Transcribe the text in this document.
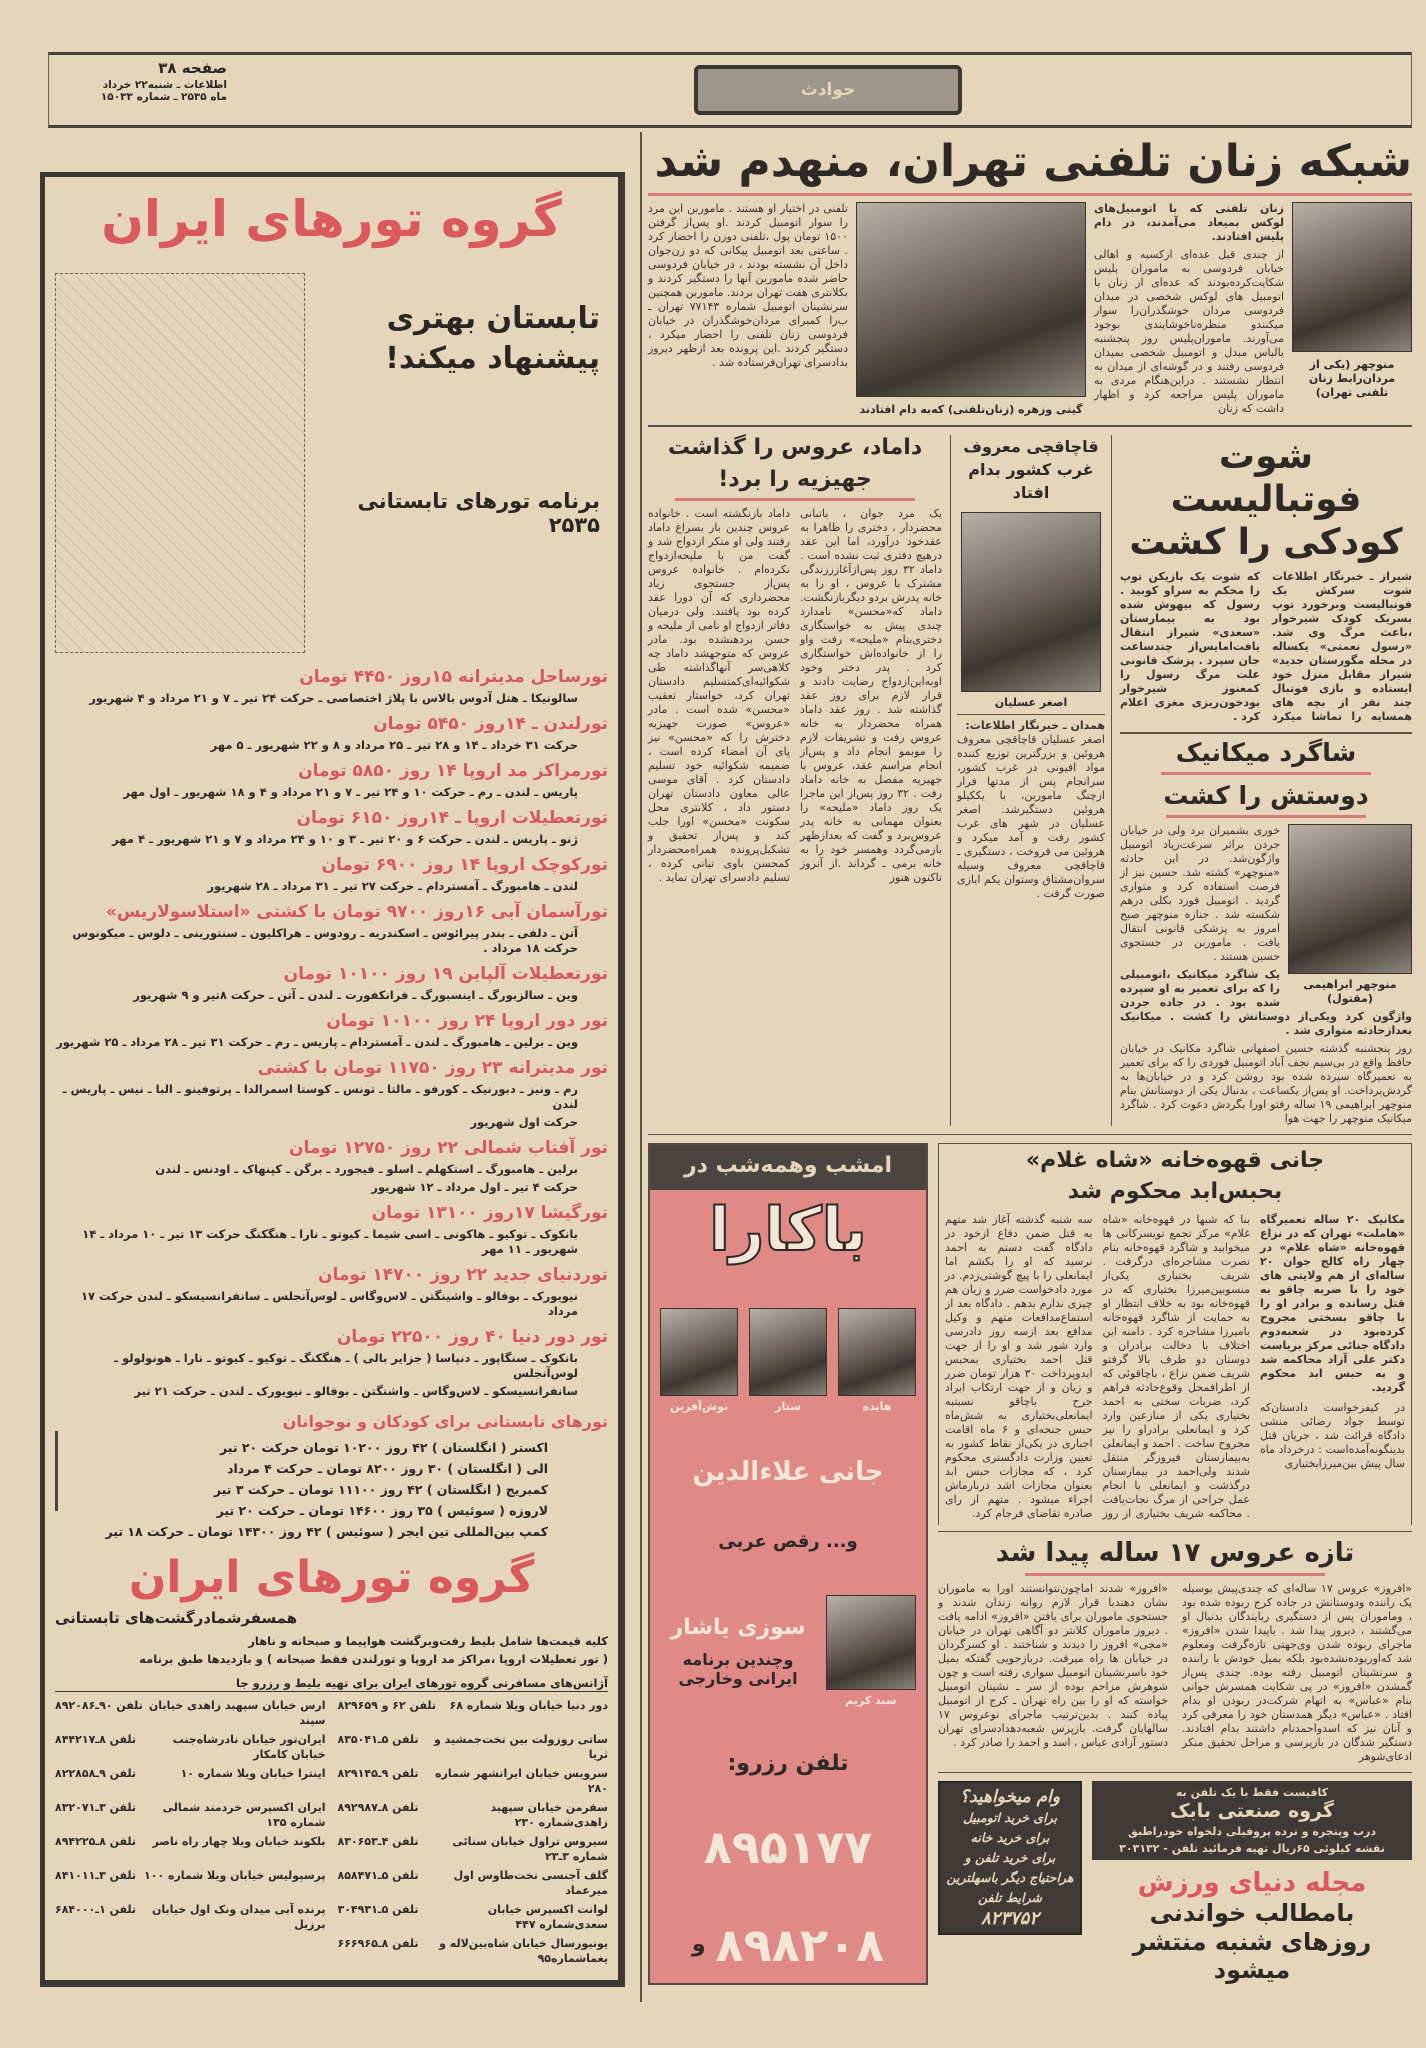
صفحه ۳۸
اطلاعات ـ شنبه۲۲ خرداد
ماه ۲۵۳۵ ـ شماره ۱۵۰۳۳	حوادث
گروه تورهای ایران
تابستان بهتری پیشنهاد میکند!
برنامه تورهای تابستانی ۲۵۳۵
تورساحل مدیترانه ۱۵روز ۴۴۵۰ تومان
سالونیکا ـ هتل آدوس بالاس با پلاژ اختصاصی ـ حرکت ۲۴ تیر ـ ۷ و ۲۱ مرداد و ۴ شهریور
تورلندن ـ ۱۴روز ۵۴۵۰ تومان
حرکت ۳۱ خرداد ـ ۱۴ و ۲۸ تیر ـ ۲۵ مرداد و ۸ و ۲۲ شهریور ـ ۵ مهر
تورمراکز مد اروپا ۱۴ روز ۵۸۵۰ تومان
پاریس ـ لندن ـ رم ـ حرکت ۱۰ و ۲۴ تیر ـ ۷ و ۲۱ مرداد و ۴ و ۱۸ شهریور ـ اول مهر
تورتعطیلات اروپا ـ ۱۴روز ۶۱۵۰ تومان
ژنو ـ پاریس ـ لندن ـ حرکت ۶ و ۲۰ تیر ـ ۳ و ۱۰ و ۲۴ مرداد و ۷ و ۲۱ شهریور ـ ۴ مهر
تورکوچک اروپا ۱۴ روز ۶۹۰۰ تومان
لندن ـ هامبورگ ـ آمستردام ـ حرکت ۲۷ تیر ـ ۳۱ مرداد ـ ۲۸ شهریور
تورآسمان آبی ۱۶روز ۹۷۰۰ تومان با کشتی «استلاسولاریس»
آتن ـ دلفی ـ بندر پیرائوس ـ اسکندریه ـ رودوس ـ هراکلیون ـ سنتورینی ـ دلوس ـ میکونوس حرکت ۱۸ مرداد .
تورتعطیلات آلپاین ۱۹ روز ۱۰۱۰۰ تومان
وین ـ سالزبورگ ـ اینسبورگ ـ فرانکفورت ـ لندن ـ آتن ـ حرکت ۸تیر و ۹ شهریور
تور دور اروپا ۲۴ روز ۱۰۱۰۰ تومان
وین ـ برلین ـ هامبورگ ـ لندن ـ آمستردام ـ پاریس ـ رم ـ حرکت ۳۱ تیر ـ ۲۸ مرداد ـ ۲۵ شهریور
تور مدیترانه ۲۳ روز ۱۱۷۵۰ تومان با کشتی
رم ـ ونیز ـ دبورنیک ـ کورفو ـ مالتا ـ تونس ـ کوستا اسمرالدا ـ پرتوفینو ـ البا ـ نیس ـ پاریس ـ لندن
حرکت اول شهریور
تور آفتاب شمالی ۲۲ روز ۱۲۷۵۰ تومان
برلین ـ هامبورگ ـ استکهلم ـ اسلو ـ فیجورد ـ برگن ـ کپنهاک ـ اودنس ـ لندن
حرکت ۴ تیر ـ اول مرداد ـ ۱۲ شهریور
تورگیشا ۱۷روز ۱۳۱۰۰ تومان
بانکوک ـ توکیو ـ هاکونی ـ اسی شیما ـ کیوتو ـ نارا ـ هنگکنگ حرکت ۱۳ تیر ـ ۱۰ مرداد ـ ۱۴ شهریور ـ ۱۱ مهر
توردنیای جدید ۲۲ روز ۱۴۷۰۰ تومان
نیویورک ـ بوفالو ـ واشینگتن ـ لاس‌وگاس ـ لوس‌آنجلس ـ سانفرانسیسکو ـ لندن حرکت ۱۷ مرداد
تور دور دنیا ۴۰ روز ۲۲۵۰۰ تومان
بانکوک ـ سنگاپور ـ دنپاسا ( جزایر بالی ) ـ هنگکنگ ـ توکیو ـ کیوتو ـ نارا ـ هونولولو ـ لوس‌آنجلس
سانفرانسیسکو ـ لاس‌وگاس ـ واشنگتن ـ بوفالو ـ نیویورک ـ لندن ـ حرکت ۲۱ تیر
تورهای تابستانی برای کودکان و نوجوانان
اکستر ( انگلستان ) ۴۲ روز ۱۰۲۰۰ تومان حرکت ۲۰ تیر
الی ( انگلستان ) ۳۰ روز ۸۲۰۰ تومان ـ حرکت ۴ مرداد
کمبریج ( انگلستان ) ۴۲ روز ۱۱۱۰۰ تومان ـ حرکت ۳ تیر
لاروزه ( سوئیس ) ۳۵ روز ۱۴۶۰۰ تومان ـ حرکت ۲۰ تیر
کمپ بین‌المللی تین ایجر ( سوئیس ) ۴۲ روز ۱۴۳۰۰ تومان ـ حرکت ۱۸ تیر
گروه تورهای ایران
همسفرشمادرگشت‌های تابستانی
کلیه قیمت‌ها شامل بلیط رفت‌وبرگشت هواپیما و صبحانه و ناهار
( تور تعطیلات اروپا ،مراکز مد اروپا و تورلندن فقط صبحانه ) و بازدیدها طبق برنامه
آژانس‌های مسافرتی گروه تورهای ایران برای تهیه بلیط و رزرو جا
دور دنیا خیابان ویلا شماره ۶۸
تلفن ۶۲ و ۸۲۹۶۵۹
ارس خیابان سپهبد زاهدی خیابان سپند
تلفن ۹۰ـ۸۹۲۰۸۶
ساتی روزولت بین تخت‌جمشید و ثریا
تلفن ۵ـ۸۳۵۰۴۱
ایران‌تور خیابان نادرشاه‌جنب خیابان کامکار
تلفن ۸ـ۸۴۴۲۱۷
سرویس خیابان ایرانشهر شماره ۲۸۰
تلفن ۹ـ۸۲۹۱۴۵
اینترا خیابان ویلا شماره ۱۰
تلفن ۹ـ۸۲۲۸۵۸
سفرمن خیابان سپهبد زاهدی‌شماره ۲۳۰
تلفن ۸ـ۸۹۲۹۸۷
ایران اکسپرس خردمند شمالی شماره ۱۳۵
تلفن ۳ـ۸۳۲۰۷۱
سیروس تراول خیابان سنائی شماره ۳ـ۲۳
تلفن ۴ـ۸۳۰۶۵۳
بلکوند خیابان ویلا چهار راه ناصر
تلفن ۸ـ۸۹۴۲۲۵
گلف آجنسی تخت‌طاوس اول میرعماد
تلفن ۵ـ۸۵۸۴۷۱
پرسپولیس خیابان ویلا شماره ۱۰۰
تلفن ۳ـ۸۴۱۰۱۱
لوانت اکسپرس خیابان سعدی‌شماره ۴۴۷
تلفن ۵ـ۳۰۴۹۳۱
پرنده آبی میدان ونک اول خیابان برزیل
تلفن ۱ـ۶۸۴۰۰۰
یونیورسال خیابان شاه‌بین‌لاله و یغماشماره۹۵
تلفن ۸ـ۶۶۶۹۶۵
شبکه زنان تلفنی تهران، منهدم شد
منوچهر (یکی از مردان‌رابط زنان تلفنی تهران)
زنان تلفنی که با اتومبیل‌های لوکس بمیعاد می‌آمدند، در دام پلیس افتادند.
از چندی قبل عده‌ای ازکسبه و اهالی خیابان فردوسی به ماموران پلیس شکایت‌کرده‌بودند که عده‌ای از زنان با اتومبیل های لوکس شخصی در میدان فردوسی مردان خوشگذران‌را سوار میکنندو منظره‌ناخوشایندی بوجود می‌آورند. ماموران‌پلیس روز پنجشنبه بالباس مبدل و اتومبیل شخصی بمیدان فردوسی رفتند و در گوشه‌ای از میدان به انتظار نشستند . دراین‌هنگام مردی به ماموران پلیس مراجعه کرد و اظهار داشت که زنان
گیتی وزهره (زنان‌تلفنی) که‌به دام افتادند
تلفنی در اختیار او هستند . ماموربن این مرد را سوار اتومبیل کردند .او پس‌از گرفتن ۱۵۰۰ تومان پول ،تلفنی دوزن را احضار کرد . ساعتی بعد اتومبیل پیکانی که دو زن‌جوان داخل آن نشسته بودند ، در خیابان فردوسی حاضر شده ماموربن آنها را دستگیر کردند و بکلانتری هفت تهران بردند. ماموربن همچنین سرنشینان اتومبیل شماره ۷۷۱۴۳ تهران ـ ب‌را کمبرای مردان‌خوشگذران در خیابان فردوسی زنان تلفنی را احضار میکرد ، دستگیر کردند .این پرونده بعد ازظهر دیروز بدادسرای تهران‌فرستاده شد .
شوت فوتبالیست
کودکی را کشت
شیراز ـ خبرنگار اطلاعات شوت سرکش یک فوتبالیست وبرخورد توپ بسریک کودک شیرخوار ،باعث مرگ وی شد. «رسول نعمتی» یکساله در محله مگورستان جدید» شیراز مقابل منزل خود ایستاده و بازی فوتبال چند نفر از بچه های همسایه را تماشا میکرد که شوت یک بازیکن توپ را محکم به سراو کوبید . رسول که بیهوش شده بود به بیمارستان «سعدی» شیراز انتقال یافت‌امایس‌از چندساعت جان سپرد . پزشک قانونی علت مرگ رسول را کمعنوز شیرخوار بودخون‌ریزی مغزی اعلام کرد .
شاگرد میکانیک
دوستش را کشت
منوچهر ابراهیمی (مقتول)
خوری بشمیران برد ولی در خیابان جردن براثر سرعت‌زیاد اتومبیل واژگون‌شد. در این حادثه «منوچهر» کشته شد. حسین نیز از فرصت استفاده کرد و متواری گردید . اتومبیل فورد بکلی درهم شکسته شد . جنازه منوچهر صبح امروز به پزشکی قانونی انتقال یافت . ماموربن در جستجوی حسین هستند .
یک شاگرد میکانیک ،اتومبیلی را که برای تعمیر به او سپرده شده بود . در جاده جردن واژگون کرد ویکی‌از دوستانش را کشت . میکانیک بعدازحادثه متواری شد .
روز پنجشنبه گذشته حسین اصفهانی شاگرد مکانیک در خیابان حافظ واقع در بی‌سیم نجف آباد اتومبیل فوردی را که برای تعمیر به تعمیرگاه سپرده شده بود روشن کرد و در خیابان‌ها به گردش‌پرداخت. او پس‌از یکساعت ، بدنبال یکی از دوستانش بنام منوچهر ابراهیمی ۱۹ ساله رفتو اورا بگردش دعوت کرد . شاگرد میکانیک منوچهر را جهت هوا
قاچاقچی معروف غرب کشور بدام افتاد
اصغر عسلیان
همدان ـ خبرنگار اطلاعات:
اصغر عسلیان قاچاقچی معروف هروئین و بزرگترین توزیع کننده مواد افیونی در غرب کشور، سرانجام پس از مدتها فرار ازچنگ ماموربن، با یککیلو هروئین دستگیرشد. اصغر عسلیان در شهر های غرب کشور رفت و آمد میکرد و هروئین می فروخت ، دستگیری ـ قاچاقچی معروف وسیله سروان‌مشتاق وستوان یکم ایازی صورت گرفت .
داماد، عروس را گذاشت
جهیزیه را برد!
یک مرد جوان ، باتبانی محضردار ، دختری را ظاهرا به عقدخود درآورد، اما این عقد درهیچ دفتری ثبت نشده است . داماد ۳۲ روز پس‌ازآغازززندگی مشترک با عروس ، او را به خانه پدرش بردو دیگربازنگشت. داماد که«محسن» نامدارد چندی پیش به خواستگاری دختری‌بنام «ملیحه» رفت واو را از خانواده‌اش خواستگاری کرد . پدر دختر وخود اوبه‌این‌ازدواج رضایت دادند و قرار لازم برای روز عقد گذاشته شد . روز عقد داماد همراه محضردار به خانه عروس رفت و تشریفات لازم را موبمو انجام داد و پس‌از انجام مراسم عقد، عروس با جهیزیه مفصل به خانه داماد رفت . ۳۲ روز پس‌از این ماجرا یک روز داماد «ملیحه» را بعنوان مهمانی به خانه پدر عروس‌برد و گفت که بعدازظهر بازمی‌گردد وهمسر خود را به خانه برمی ـ گرداند .از آنروز تاکنون هنوز
داماد بازنگشته است . خانواده عروس چندین بار بسراغ داماد رفتند ولی او منکر ازدواج شد و گفت من با ملیحه‌ازدواج نکرده‌ام . خانواده عروس پس‌از جستجوی زیاد محضرداری که آن دورا عقد کرده بود یافتند. ولی درمیان دفاتر ازدواج او نامی از ملیحه و حسن بردهنشده بود. مادر عروس که متوجهشد داماد چه کلاهی‌سر آنهاگذاشته طی شکوائیه‌ای‌کمتسلیم دادستان تهران کرد، خواستار تعقیب «محسن» شده است . مادر «عروس» صورت جهیزیه دخترش را که «محسن» نیز پای آن امضاء کرده است ، ضمیمه شکوائیه خود تسلیم دادستان کرد . آقای موسی عالی معاون دادستان تهران دستور داد ، کلانتری محل سکونت «محسن» اورا جلب کند و پس‌از تحقیق و تشکیل‌پرونده همراه‌محضردار کمحسن باوی تبانی کرده ، تسلیم دادسرای تهران نماید .
جانی قهوه‌خانه «شاه غلام»
بحبس‌ابد محکوم شد
مکانیک ۲۰ ساله تعمیرگاه «هاملت» تهران که در نزاع قهوه‌خانه «شاه غلام» در چهار راه کالج جوان ۲۰ ساله‌ای از هم ولایتی های خود را با ضربه چاقو به قتل رسانده و برادر او را با چاقو بسختی مجروح کرده‌بود در شعبه‌دوم دادگاه جنائی مرکز بریاست دکتر علی آزاد محاکمه شد و به حبس ابد محکوم گردید.
در کیفرخواست دادستان‌که توسط جواد رضائی منشی دادگاه قرائت شد ، جریان قتل بدینگونه‌آمده‌است : درخرداد ماه سال پیش بین‌میرزابختیاری
بنا که شبها در قهوه‌خانه «شاه غلام» مرکز تجمع تویسرکانی ها میخوابید و شاگرد قهوه‌خانه بنام نصرت مشاجره‌ای درگرفت . شریف بختیاری یکی‌از منسوبین‌میرزا بختیاری که در قهوه‌خانه بود به خلاف انتظار او به حمایت از شاگرد قهوه‌خانه بامیرزا مشاجره کرد . دامنه این اختلاف با دخالت برادران و دوستان دو طرف بالا گرفتو شریف ضمن نزاع ، باچاقوئی که از اطرافمحل وقوع‌حادثه فراهم کرد، ضربات سختی به احمد بختیاری یکی از منازعین وارد کرد و ایمانعلی برادراو را نیز مجروح ساخت . احمد و ایمانعلی به‌بیمارستان فیروزگر منتقل شدند ولی‌احمد در بیمارستان درگذشت و ایمانعلی با انجام عمل جراحی از مرگ نجات‌یافت . محاکمه شریف بختیاری از روز سه شنبه گذشته آغاز شد متهم به قتل ضمن دفاع ازخود در دادگاه گفت دستم به احمد نرسید که او را بکشم اما ایمانعلی را با پیچ گوشتی‌زدم. در مورد دادخواست ضرر و زیان هم چیزی ندارم بدهم . دادگاه بعد از استماع‌مدافعات متهم و وکیل مدافع بعد ازسه روز دادرسی وارد شور شد و او را از جهت قتل احمد بختیاری بمحبس ابدوپرداخت ۳۰ هزار تومان ضرر و زیان و از جهت ارتکاب ایراد جرح باچاقو نسبتبه ایمانعلی‌بختیاری به شش‌ماه حبس جنحه‌ای و ۶ ماه اقامت اجباری در یکی‌از نقاط کشور به تعیین وزارت دادگستری محکوم کرد ، که مجازات حبس ابد بعنوان مجازات اشد دربارماش اجراء میشود . متهم از رای صادره تقاضای فرجام کرد.
تازه عروس ۱۷ ساله پیدا شد
«افروز» عروس ۱۷ ساله‌ای که چندی‌پیش بوسیله یک راننده ودوستانش در جاده کرج ربوده شده بود ، وماموران پس از دستگیری ربایندگان بدنبال او می‌گشتند ، دیروز پیدا شد . باپیدا شدن «افروز» ماجرای ربوده شدن وی‌جهتی تازه‌گرفت ومعلوم شد که‌اوربوده‌نشده‌بود بلکه بمیل خودش با راننده و سرنشینان اتومبیل رفته بوده. چندی پس‌از گمشدن «افروز» در پی شکایت همسرش جوانی بنام «عباس» به اتهام شرکت‌در ربودن او بدام افتاد . «عباس» دیگر همدستان خود را معرفی کرد و آنان نیز که اسدواحمدنام داشتند بدام افتادند. دستگیر شدگان در بازپرسی و مراحل تحقیق منکر ادعای‌شوهر
«افروز» شدند اماچون‌نتوانستند اورا به ماموران نشان دهندبا قرار لازم روانه زندان شدند و جستجوی ماموران برای یافتن «افروز» ادامه یافت . دیروز ماموران کلانتر دو آگاهی تهران در خیابان «مجی» افروز را دیدند و شناختند . او کسرگردان در خیابان ها راه میرفت. دربازجویی گفتکه بمیل خود باسرنشینان اتومبیل سواری رفته است و چون شوهرش مزاحم بوده از سر ـ نشینان اتومبیل خواسته که او را بین راه تهران ـ کرج از اتومبیل پیاده کنند . بدین‌ترتیب ماجرای نوعروس ۱۷ سالهایان گرفت. بازپرس شعبه‌دهدادسرای تهران دستور آزادی عباس ، اسد و احمد را صادر کرد .
کافیست فقط با یک تلفن به
گروه صنعتی بابک
درب وپنجره و نرده پروفیلی دلخواه خودراطبق
نقشه کیلوئی ۶۵ریال تهیه فرمائید تلفن - ۳۰۳۱۳۲
مجله دنیای ورزش
بامطالب خواندنی
روزهای شنبه منتشر میشود
وام میخواهید؟
برای خرید اتومبیل
برای خرید خانه
برای خرید تلفن و
هراحتیاج دیگر باسهلترین
شرایط تلفن
۸۲۳۷۵۲
امشب وهمه‌شب در
باکارا
هایده
ستار
نوش‌آفرین
جانی علاءالدین
و... رقص عربی
سید کریم
سوزی یاشار
وچندین برنامه ایرانی وخارجی
تلفن رزرو:
۸۹۵۱۷۷
و ۸۹۸۲۰۸
